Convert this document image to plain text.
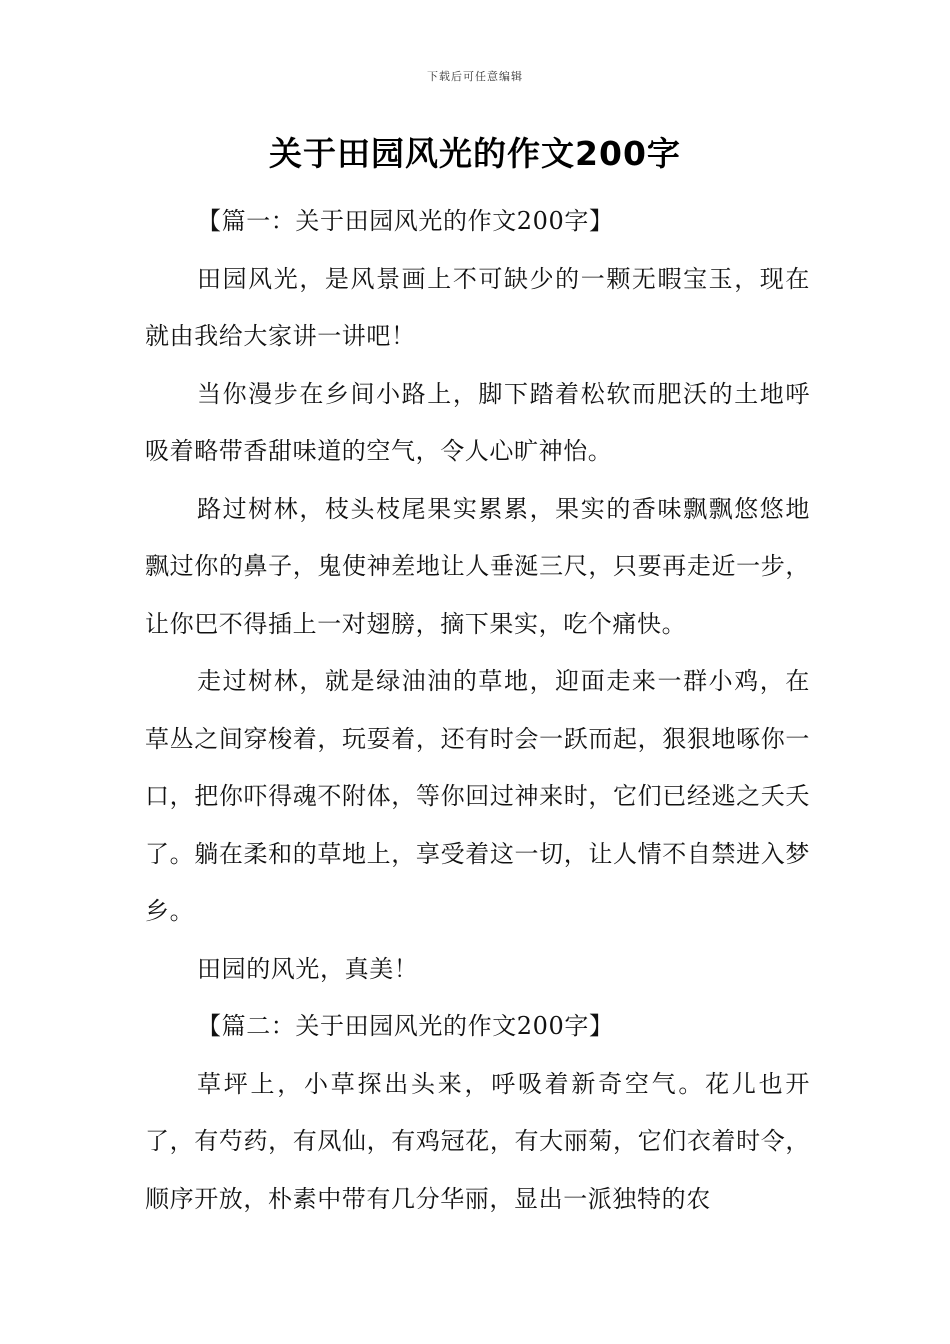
下载后可任意编辑
关于田园风光的作文200字

【篇一：关于田园风光的作文200字】

田园风光，是风景画上不可缺少的一颗无暇宝玉，现在就由我给大家讲一讲吧！

当你漫步在乡间小路上，脚下踏着松软而肥沃的土地呼吸着略带香甜味道的空气，令人心旷神怡。

路过树林，枝头枝尾果实累累，果实的香味飘飘悠悠地飘过你的鼻子，鬼使神差地让人垂涎三尺，只要再走近一步，让你巴不得插上一对翅膀，摘下果实，吃个痛快。

走过树林，就是绿油油的草地，迎面走来一群小鸡，在草丛之间穿梭着，玩耍着，还有时会一跃而起，狠狠地啄你一口，把你吓得魂不附体，等你回过神来时，它们已经逃之夭夭了。躺在柔和的草地上，享受着这一切，让人情不自禁进入梦乡。

田园的风光，真美！

【篇二：关于田园风光的作文200字】

草坪上，小草探出头来，呼吸着新奇空气。花儿也开了，有芍药，有凤仙，有鸡冠花，有大丽菊，它们衣着时令，顺序开放，朴素中带有几分华丽，显出一派独特的农
